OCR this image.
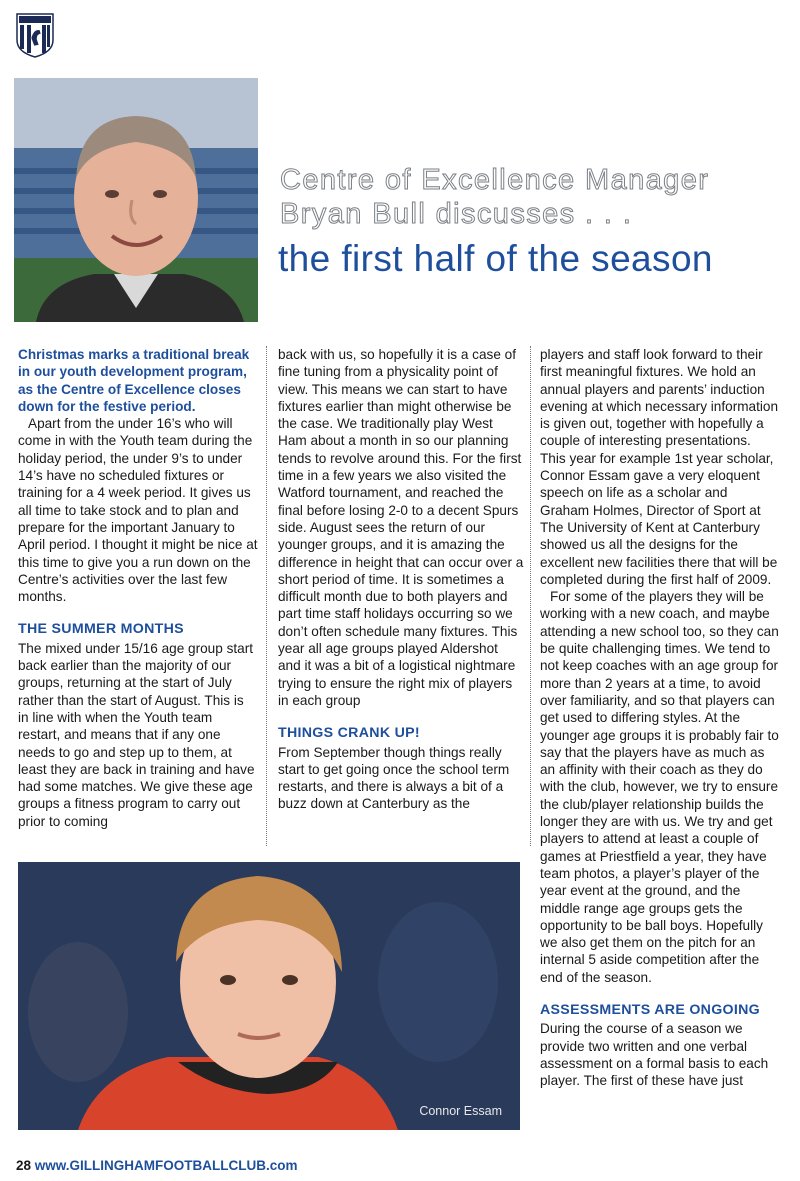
Centre of Excellence Manager
Bryan Bull discusses . . .
the first half of the season

Christmas marks a traditional break in our youth development program, as the Centre of Excellence closes down for the festive period.

Apart from the under 16’s who will come in with the Youth team during the holiday period, the under 9’s to under 14’s have no scheduled fixtures or training for a 4 week period. It gives us all time to take stock and to plan and prepare for the important January to April period. I thought it might be nice at this time to give you a run down on the Centre’s activities over the last few months.

THE SUMMER MONTHS

The mixed under 15/16 age group start back earlier than the majority of our groups, returning at the start of July rather than the start of August. This is in line with when the Youth team restart, and means that if any one needs to go and step up to them, at least they are back in training and have had some matches. We give these age groups a fitness program to carry out prior to coming

back with us, so hopefully it is a case of fine tuning from a physicality point of view. This means we can start to have fixtures earlier than might otherwise be the case. We traditionally play West Ham about a month in so our planning tends to revolve around this. For the first time in a few years we also visited the Watford tournament, and reached the final before losing 2-0 to a decent Spurs side. August sees the return of our younger groups, and it is amazing the difference in height that can occur over a short period of time. It is sometimes a difficult month due to both players and part time staff holidays occurring so we don’t often schedule many fixtures. This year all age groups played Aldershot and it was a bit of a logistical nightmare trying to ensure the right mix of players in each group

THINGS CRANK UP!

From September though things really start to get going once the school term restarts, and there is always a bit of a buzz down at Canterbury as the

players and staff look forward to their first meaningful fixtures. We hold an annual players and parents’ induction evening at which necessary information is given out, together with hopefully a couple of interesting presentations. This year for example 1st year scholar, Connor Essam gave a very eloquent speech on life as a scholar and Graham Holmes, Director of Sport at The University of Kent at Canterbury showed us all the designs for the excellent new facilities there that will be completed during the first half of 2009.

For some of the players they will be working with a new coach, and maybe attending a new school too, so they can be quite challenging times. We tend to not keep coaches with an age group for more than 2 years at a time, to avoid over familiarity, and so that players can get used to differing styles. At the younger age groups it is probably fair to say that the players have as much as an affinity with their coach as they do with the club, however, we try to ensure the club/player relationship builds the longer they are with us. We try and get players to attend at least a couple of games at Priestfield a year, they have team photos, a player’s player of the year event at the ground, and the middle range age groups gets the opportunity to be ball boys. Hopefully we also get them on the pitch for an internal 5 aside competition after the end of the season.

ASSESSMENTS ARE ONGOING

During the course of a season we provide two written and one verbal assessment on a formal basis to each player. The first of these have just

Connor Essam
28 www.GILLINGHAMFOOTBALLCLUB.com
